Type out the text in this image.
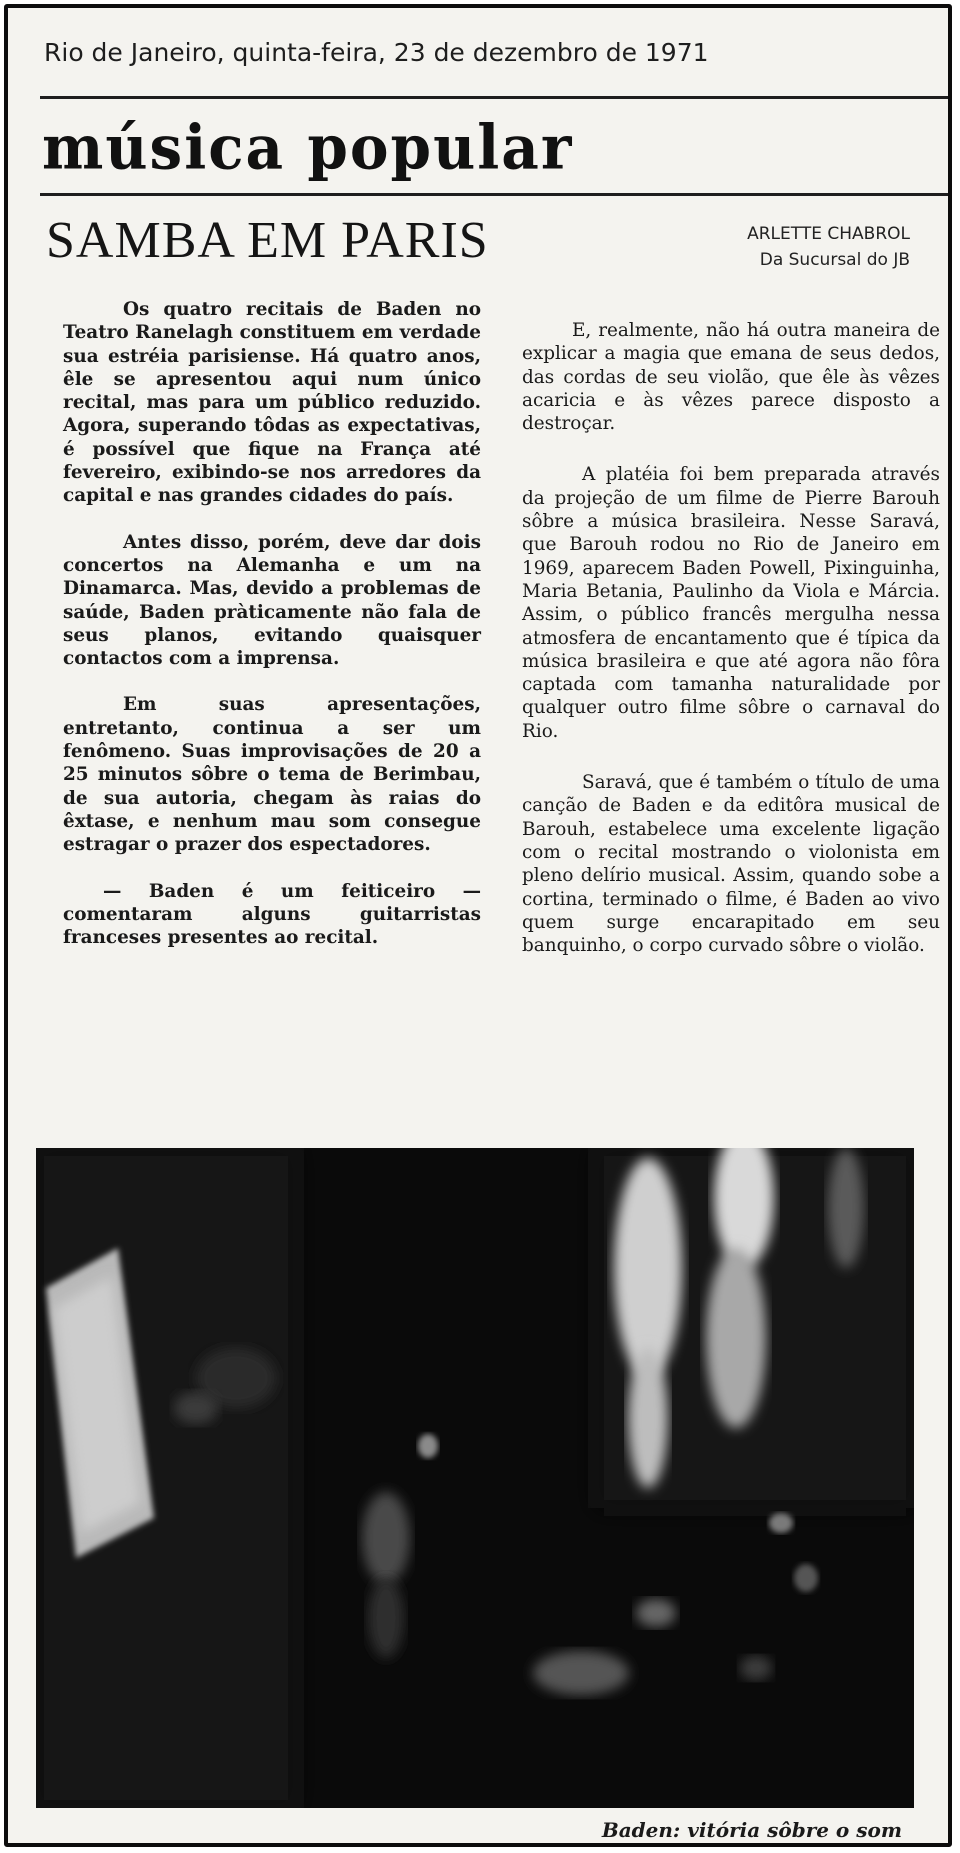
Rio de Janeiro, quinta-feira, 23 de dezembro de 1971
música popular
SAMBA EM PARIS	ARLETTE CHABROL
Da Sucursal do JB

Os quatro recitais de Baden no Teatro Ranelagh constituem em verdade sua estréia parisiense. Há quatro anos, êle se apresentou aqui num único recital, mas para um público reduzido. Agora, superando tôdas as expectativas, é possível que fique na França até fevereiro, exibindo-se nos arredores da capital e nas grandes cidades do país.

Antes disso, porém, deve dar dois concertos na Alemanha e um na Dinamarca. Mas, devido a problemas de saúde, Baden pràticamente não fala de seus planos, evitando quaisquer contactos com a imprensa.

Em suas apresentações, entretanto, continua a ser um fenômeno. Suas improvisações de 20 a 25 minutos sôbre o tema de Berimbau, de sua autoria, chegam às raias do êxtase, e nenhum mau som consegue estragar o prazer dos espectadores.

— Baden é um feiticeiro — comentaram alguns guitarristas franceses presentes ao recital.

E, realmente, não há outra maneira de explicar a magia que emana de seus dedos, das cordas de seu violão, que êle às vêzes acaricia e às vêzes parece disposto a destroçar.

A platéia foi bem preparada através da projeção de um filme de Pierre Barouh sôbre a música brasileira. Nesse Saravá, que Barouh rodou no Rio de Janeiro em 1969, aparecem Baden Powell, Pixinguinha, Maria Betania, Paulinho da Viola e Márcia. Assim, o público francês mergulha nessa atmosfera de encantamento que é típica da música brasileira e que até agora não fôra captada com tamanha naturalidade por qualquer outro filme sôbre o carnaval do Rio.

Saravá, que é também o título de uma canção de Baden e da editôra musical de Barouh, estabelece uma excelente ligação com o recital mostrando o violonista em pleno delírio musical. Assim, quando sobe a cortina, terminado o filme, é Baden ao vivo quem surge encarapitado em seu banquinho, o corpo curvado sôbre o violão.

Baden: vitória sôbre o som
